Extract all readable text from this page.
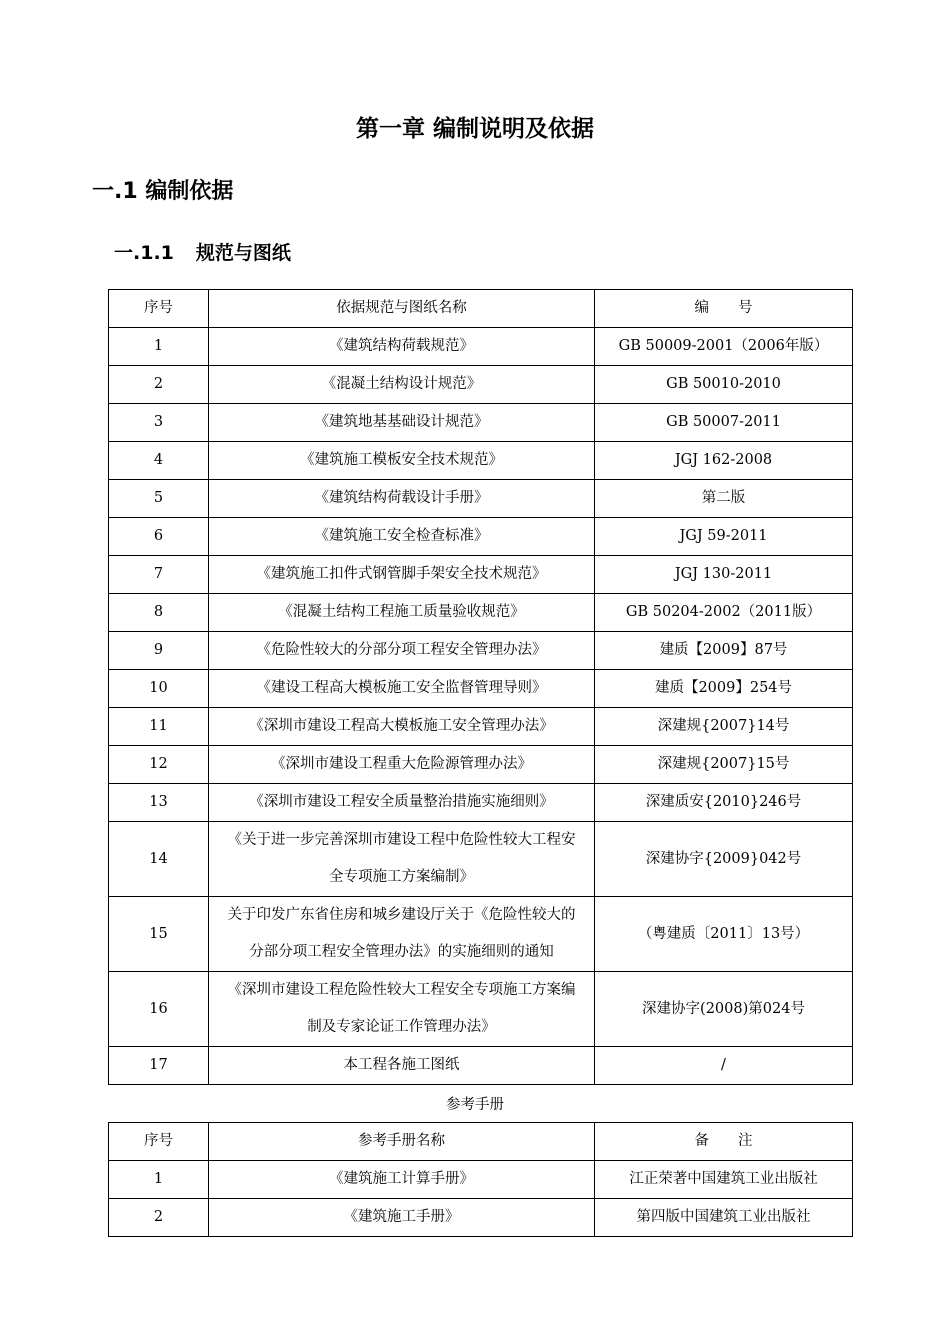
第一章 编制说明及依据
一.1 编制依据
一.1.1 规范与图纸
序号	依据规范与图纸名称	编　　号
1	《建筑结构荷载规范》	GB 50009-2001（2006年版）
2	《混凝土结构设计规范》	GB 50010-2010
3	《建筑地基基础设计规范》	GB 50007-2011
4	《建筑施工模板安全技术规范》	JGJ 162-2008
5	《建筑结构荷载设计手册》	第二版
6	《建筑施工安全检查标准》	JGJ 59-2011
7	《建筑施工扣件式钢管脚手架安全技术规范》	JGJ 130-2011
8	《混凝土结构工程施工质量验收规范》	GB 50204-2002（2011版）
9	《危险性较大的分部分项工程安全管理办法》	建质【2009】87号
10	《建设工程高大模板施工安全监督管理导则》	建质【2009】254号
11	《深圳市建设工程高大模板施工安全管理办法》	深建规{2007}14号
12	《深圳市建设工程重大危险源管理办法》	深建规{2007}15号
13	《深圳市建设工程安全质量整治措施实施细则》	深建质安{2010}246号
14	《关于进一步完善深圳市建设工程中危险性较大工程安全专项施工方案编制》	深建协字{2009}042号
15	关于印发广东省住房和城乡建设厅关于《危险性较大的分部分项工程安全管理办法》的实施细则的通知	（粤建质〔2011〕13号）
16	《深圳市建设工程危险性较大工程安全专项施工方案编制及专家论证工作管理办法》	深建协字(2008)第024号
17	本工程各施工图纸	/
参考手册
序号	参考手册名称	备　　注
1	《建筑施工计算手册》	江正荣著中国建筑工业出版社
2	《建筑施工手册》	第四版中国建筑工业出版社
